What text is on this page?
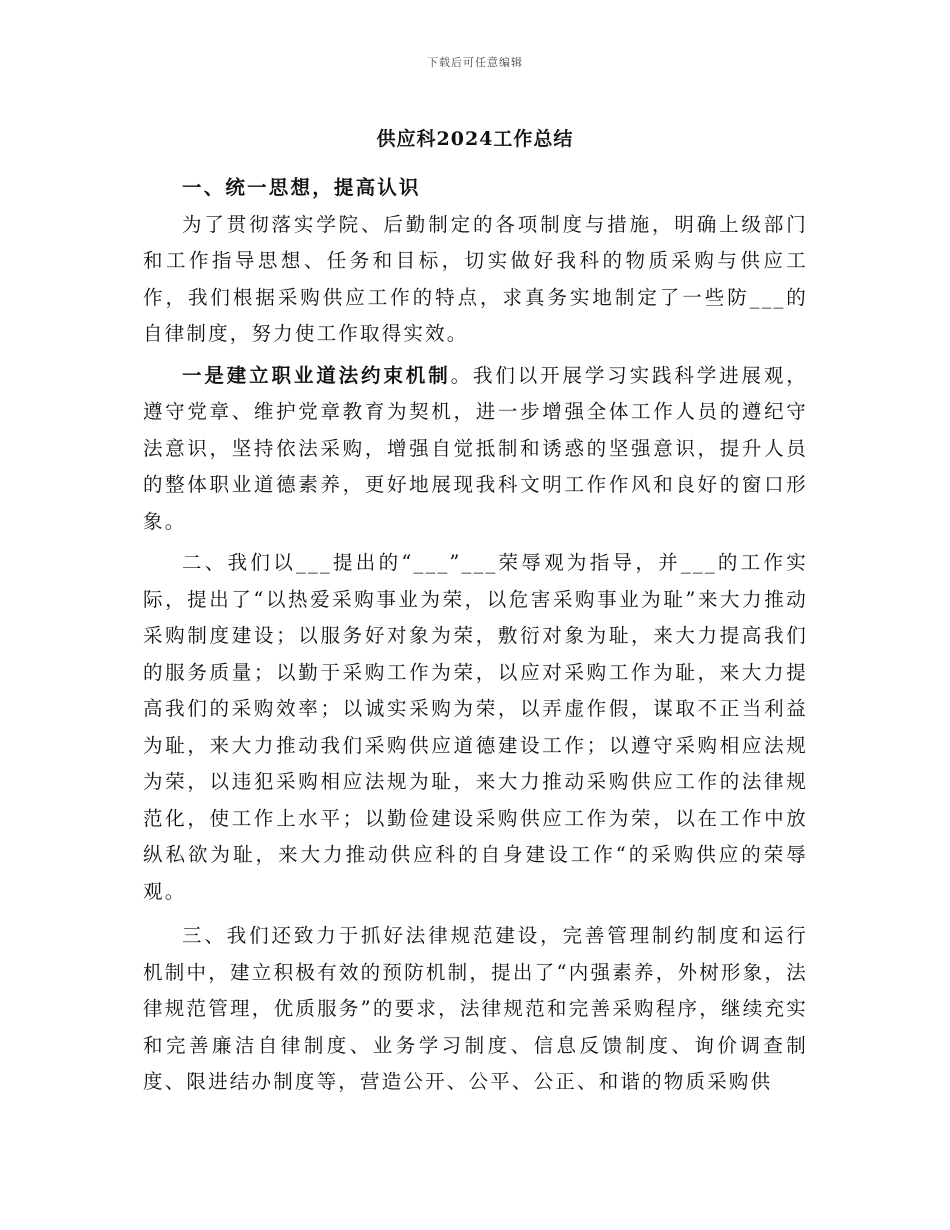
下载后可任意编辑
供应科2024工作总结

一、统一思想，提高认识

为了贯彻落实学院、后勤制定的各项制度与措施，明确上级部门和工作指导思想、任务和目标，切实做好我科的物质采购与供应工作，我们根据采购供应工作的特点，求真务实地制定了一些防___的自律制度，努力使工作取得实效。

一是建立职业道法约束机制。我们以开展学习实践科学进展观，遵守党章、维护党章教育为契机，进一步增强全体工作人员的遵纪守法意识，坚持依法采购，增强自觉抵制和诱惑的坚强意识，提升人员的整体职业道德素养，更好地展现我科文明工作作风和良好的窗口形象。

二、我们以___提出的“___”___荣辱观为指导，并___的工作实际，提出了“以热爱采购事业为荣，以危害采购事业为耻”来大力推动采购制度建设；以服务好对象为荣，敷衍对象为耻，来大力提高我们的服务质量；以勤于采购工作为荣，以应对采购工作为耻，来大力提高我们的采购效率；以诚实采购为荣，以弄虚作假，谋取不正当利益为耻，来大力推动我们采购供应道德建设工作；以遵守采购相应法规为荣，以违犯采购相应法规为耻，来大力推动采购供应工作的法律规范化，使工作上水平；以勤俭建设采购供应工作为荣，以在工作中放纵私欲为耻，来大力推动供应科的自身建设工作“的采购供应的荣辱观。

三、我们还致力于抓好法律规范建设，完善管理制约制度和运行机制中，建立积极有效的预防机制，提出了“内强素养，外树形象，法律规范管理，优质服务”的要求，法律规范和完善采购程序，继续充实和完善廉洁自律制度、业务学习制度、信息反馈制度、询价调查制度、限进结办制度等，营造公开、公平、公正、和谐的物质采购供
